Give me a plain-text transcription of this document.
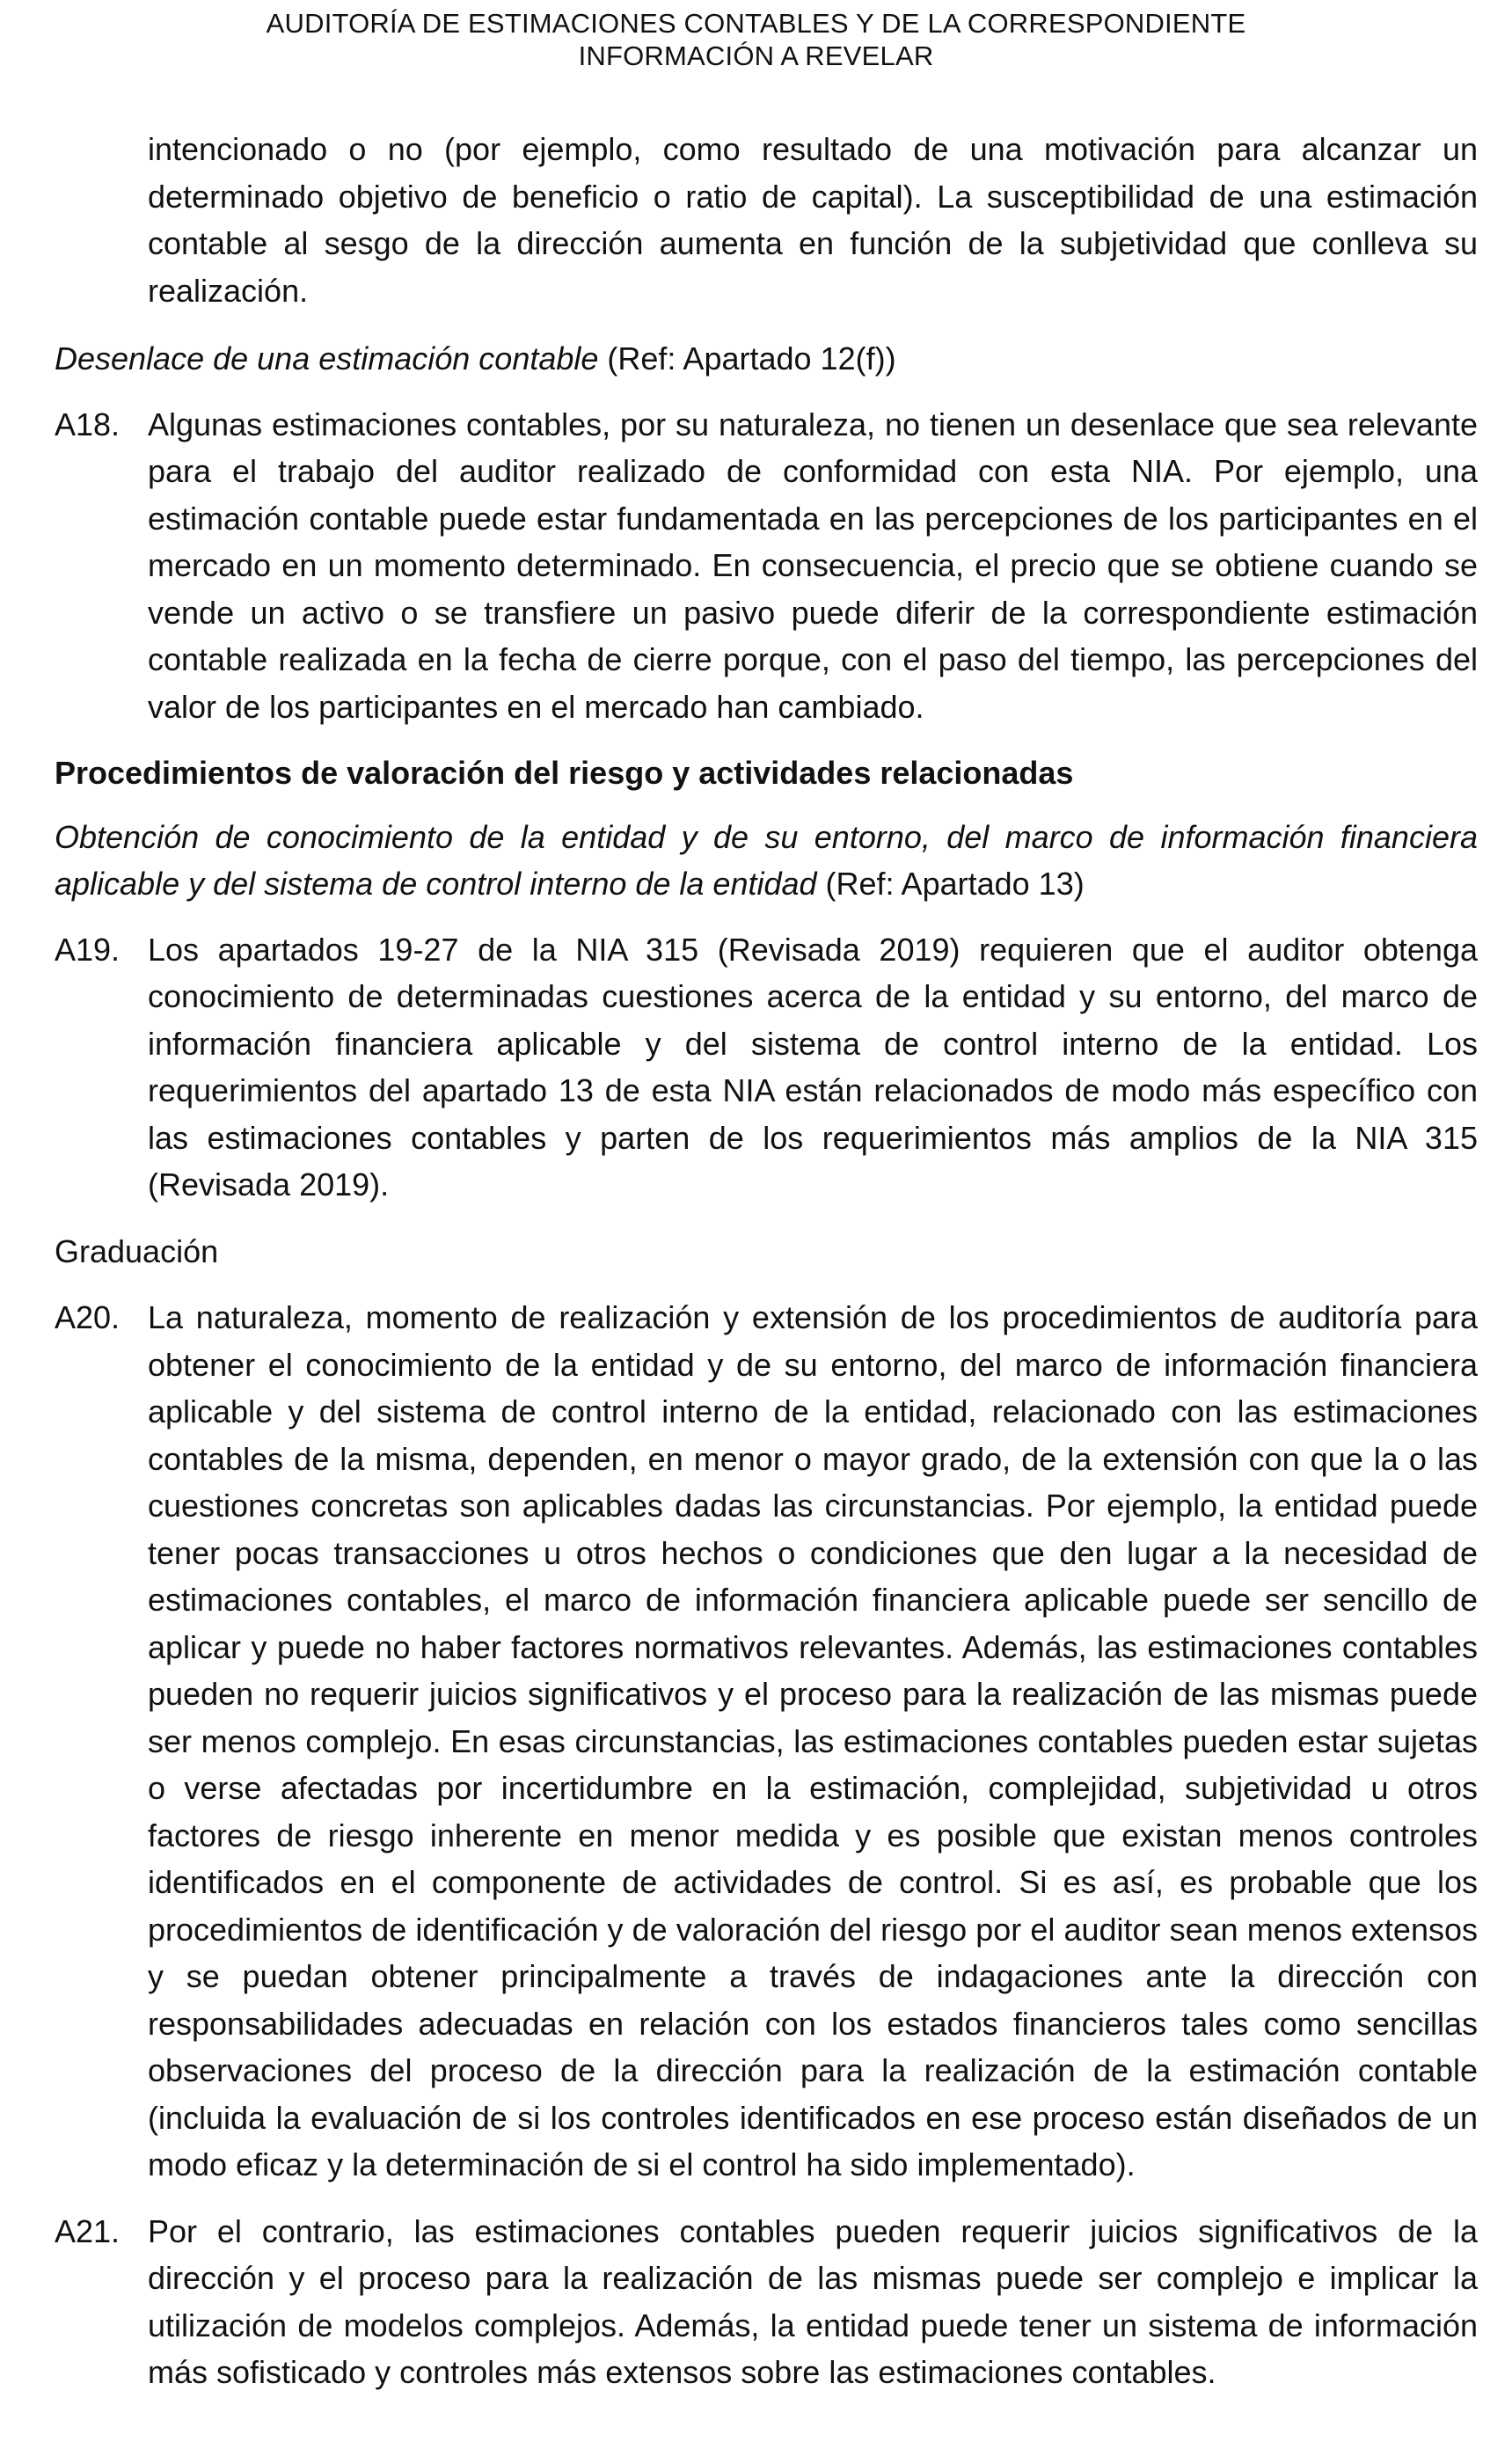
AUDITORÍA DE ESTIMACIONES CONTABLES Y DE LA CORRESPONDIENTE
INFORMACIÓN A REVELAR

intencionado o no (por ejemplo, como resultado de una motivación para alcanzar un determinado objetivo de beneficio o ratio de capital). La susceptibilidad de una estimación contable al sesgo de la dirección aumenta en función de la subjetividad que conlleva su realización.

Desenlace de una estimación contable (Ref: Apartado 12(f))

A18. Algunas estimaciones contables, por su naturaleza, no tienen un desenlace que sea relevante para el trabajo del auditor realizado de conformidad con esta NIA. Por ejemplo, una estimación contable puede estar fundamentada en las percepciones de los participantes en el mercado en un momento determinado. En consecuencia, el precio que se obtiene cuando se vende un activo o se transfiere un pasivo puede diferir de la correspondiente estimación contable realizada en la fecha de cierre porque, con el paso del tiempo, las percepciones del valor de los participantes en el mercado han cambiado.

Procedimientos de valoración del riesgo y actividades relacionadas

Obtención de conocimiento de la entidad y de su entorno, del marco de información financiera aplicable y del sistema de control interno de la entidad (Ref: Apartado 13)

A19. Los apartados 19-27 de la NIA 315 (Revisada 2019) requieren que el auditor obtenga conocimiento de determinadas cuestiones acerca de la entidad y su entorno, del marco de información financiera aplicable y del sistema de control interno de la entidad. Los requerimientos del apartado 13 de esta NIA están relacionados de modo más específico con las estimaciones contables y parten de los requerimientos más amplios de la NIA 315 (Revisada 2019).

Graduación

A20. La naturaleza, momento de realización y extensión de los procedimientos de auditoría para obtener el conocimiento de la entidad y de su entorno, del marco de información financiera aplicable y del sistema de control interno de la entidad, relacionado con las estimaciones contables de la misma, dependen, en menor o mayor grado, de la extensión con que la o las cuestiones concretas son aplicables dadas las circunstancias. Por ejemplo, la entidad puede tener pocas transacciones u otros hechos o condiciones que den lugar a la necesidad de estimaciones contables, el marco de información financiera aplicable puede ser sencillo de aplicar y puede no haber factores normativos relevantes. Además, las estimaciones contables pueden no requerir juicios significativos y el proceso para la realización de las mismas puede ser menos complejo. En esas circunstancias, las estimaciones contables pueden estar sujetas o verse afectadas por incertidumbre en la estimación, complejidad, subjetividad u otros factores de riesgo inherente en menor medida y es posible que existan menos controles identificados en el componente de actividades de control. Si es así, es probable que los procedimientos de identificación y de valoración del riesgo por el auditor sean menos extensos y se puedan obtener principalmente a través de indagaciones ante la dirección con responsabilidades adecuadas en relación con los estados financieros tales como sencillas observaciones del proceso de la dirección para la realización de la estimación contable (incluida la evaluación de si los controles identificados en ese proceso están diseñados de un modo eficaz y la determinación de si el control ha sido implementado).
A21. Por el contrario, las estimaciones contables pueden requerir juicios significativos de la dirección y el proceso para la realización de las mismas puede ser complejo e implicar la utilización de modelos complejos. Además, la entidad puede tener un sistema de información más sofisticado y controles más extensos sobre las estimaciones contables.
